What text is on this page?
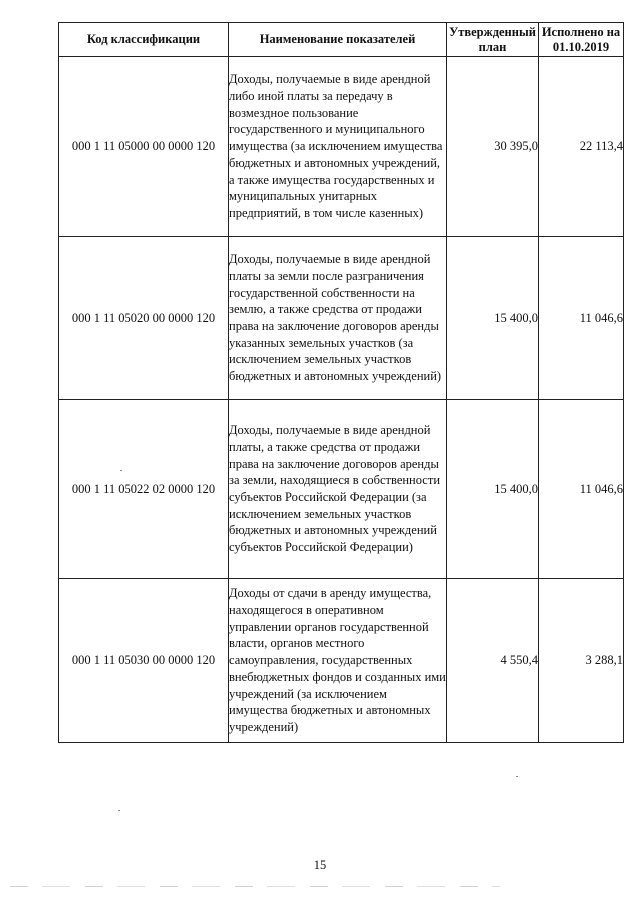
Код классификации	Наименование показателей	Утвержденный план	Исполнено на 01.10.2019
000 1 11 05000 00 0000 120	Доходы, получаемые в виде арендной либо иной платы за передачу в возмездное пользование государственного и муниципального имущества (за исключением имущества бюджетных и автономных учреждений, а также имущества государственных и муниципальных унитарных предприятий, в том числе казенных)	30 395,0	22 113,4
000 1 11 05020 00 0000 120	Доходы, получаемые в виде арендной платы за земли после разграничения государственной собственности на землю, а также средства от продажи права на заключение договоров аренды указанных земельных участков (за исключением земельных участков бюджетных и автономных учреждений)	15 400,0	11 046,6
000 1 11 05022 02 0000 120	Доходы, получаемые в виде арендной платы, а также средства от продажи права на заключение договоров аренды за земли, находящиеся в собственности субъектов Российской Федерации (за исключением земельных участков бюджетных и автономных учреждений субъектов Российской Федерации)	15 400,0	11 046,6
000 1 11 05030 00 0000 120	Доходы от сдачи в аренду имущества, находящегося в оперативном управлении органов государственной власти, органов местного самоуправления, государственных внебюджетных фондов и созданных ими учреждений (за исключением имущества бюджетных и автономных учреждений)	4 550,4	3 288,1
15
